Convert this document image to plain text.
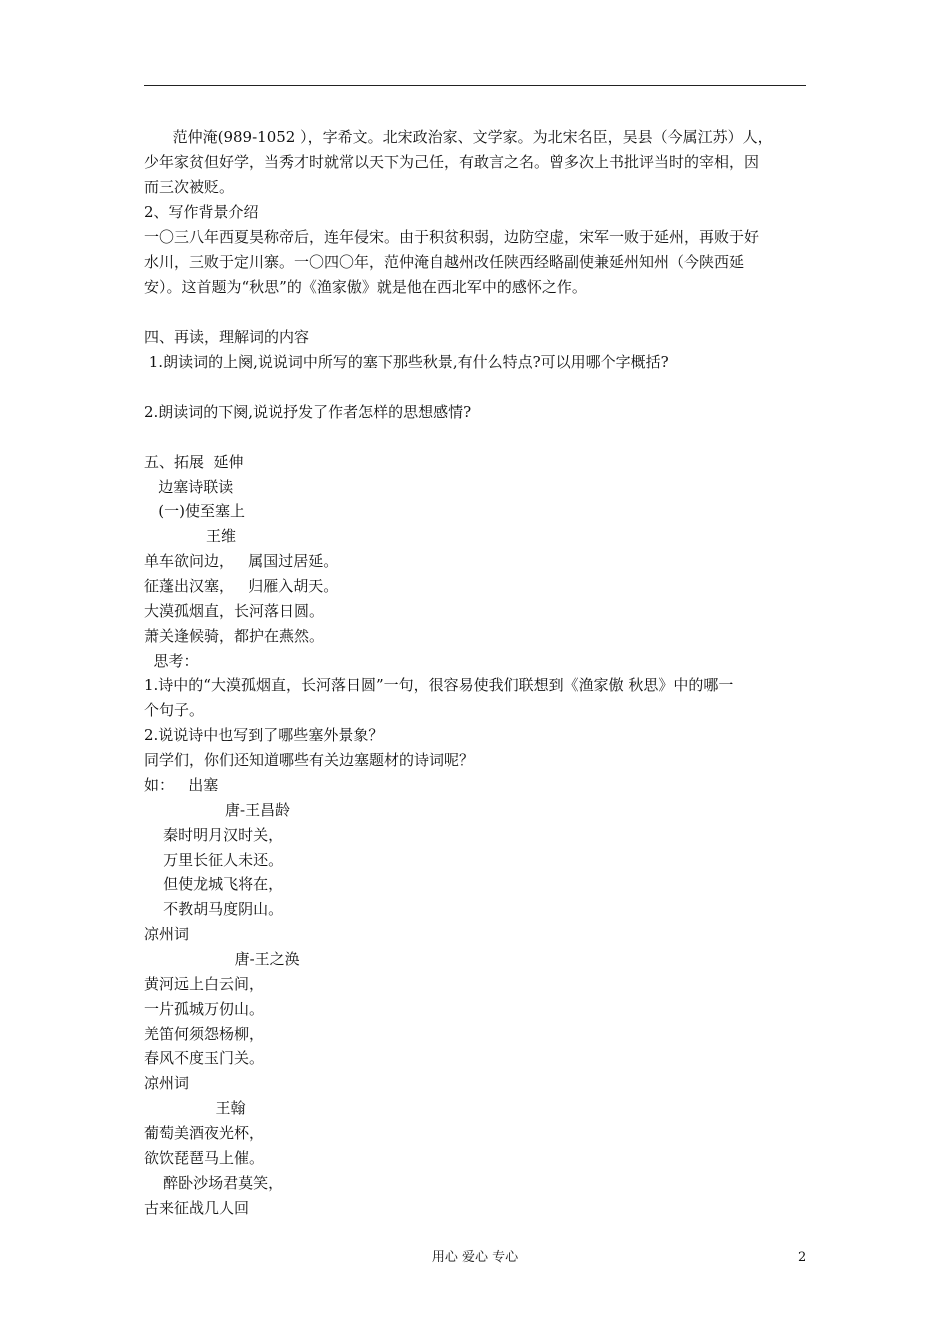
范仲淹(989-1052 ），字希文。北宋政治家、文学家。为北宋名臣，吴县（今属江苏）人，
少年家贫但好学，当秀才时就常以天下为己任，有敢言之名。曾多次上书批评当时的宰相，因
而三次被贬。
2、写作背景介绍
一〇三八年西夏昊称帝后，连年侵宋。由于积贫积弱，边防空虚，宋军一败于延州，再败于好
水川，三败于定川寨。一〇四〇年，范仲淹自越州改任陕西经略副使兼延州知州（今陕西延
安）。这首题为“秋思”的《渔家傲》就是他在西北军中的感怀之作。
四、再读，理解词的内容
1.朗读词的上阕,说说词中所写的塞下那些秋景,有什么特点?可以用哪个字概括?
2.朗读词的下阕,说说抒发了作者怎样的思想感情?
五、拓展  延伸
边塞诗联读
(一)使至塞上
王维
单车欲问边，   属国过居延。
征蓬出汉塞，   归雁入胡天。
大漠孤烟直，长河落日圆。
萧关逢候骑，都护在燕然。
思考：
1.诗中的“大漠孤烟直，长河落日圆”一句，很容易使我们联想到《渔家傲 秋思》中的哪一
个句子。
2.说说诗中也写到了哪些塞外景象？
同学们，你们还知道哪些有关边塞题材的诗词呢？
如：   出塞
唐-王昌龄
秦时明月汉时关，
万里长征人未还。
但使龙城飞将在，
不教胡马度阴山。
凉州词
唐-王之涣
黄河远上白云间，
一片孤城万仞山。
羌笛何须怨杨柳，
春风不度玉门关。
凉州词
王翰
葡萄美酒夜光杯，
欲饮琵琶马上催。
醉卧沙场君莫笑，
古来征战几人回
用心 爱心 专心	2
